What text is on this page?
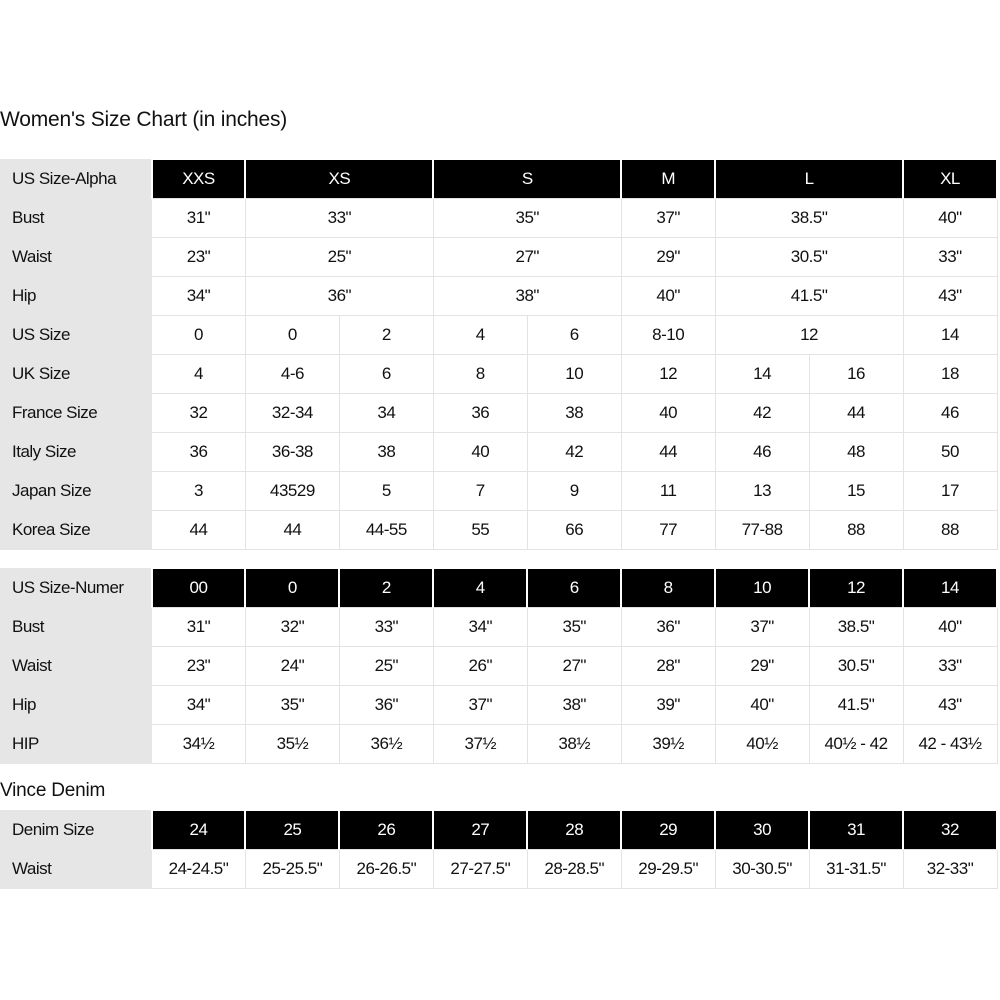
Women's Size Chart (in inches)
US Size-Alpha	XXS	XS		S		M	L		XL
Bust	31"	33"		35"		37"	38.5"		40"
Waist	23"	25"		27"		29"	30.5"		33"
Hip	34"	36"		38"		40"	41.5"		43"
US Size	0	0	2	4	6	8-10	12		14
UK Size	4	4-6	6	8	10	12	14	16	18
France Size	32	32-34	34	36	38	40	42	44	46
Italy Size	36	36-38	38	40	42	44	46	48	50
Japan Size	3	43529	5	7	9	11	13	15	17
Korea Size	44	44	44-55	55	66	77	77-88	88	88
US Size-Numer	00	0	2	4	6	8	10	12	14
Bust	31"	32"	33"	34"	35"	36"	37"	38.5"	40"
Waist	23"	24"	25"	26"	27"	28"	29"	30.5"	33"
Hip	34"	35"	36"	37"	38"	39"	40"	41.5"	43"
HIP	34½	35½	36½	37½	38½	39½	40½	40½ - 42	42 - 43½
Vince Denim
Denim Size	24	25	26	27	28	29	30	31	32
Waist	24-24.5"	25-25.5"	26-26.5"	27-27.5"	28-28.5"	29-29.5"	30-30.5"	31-31.5"	32-33"
